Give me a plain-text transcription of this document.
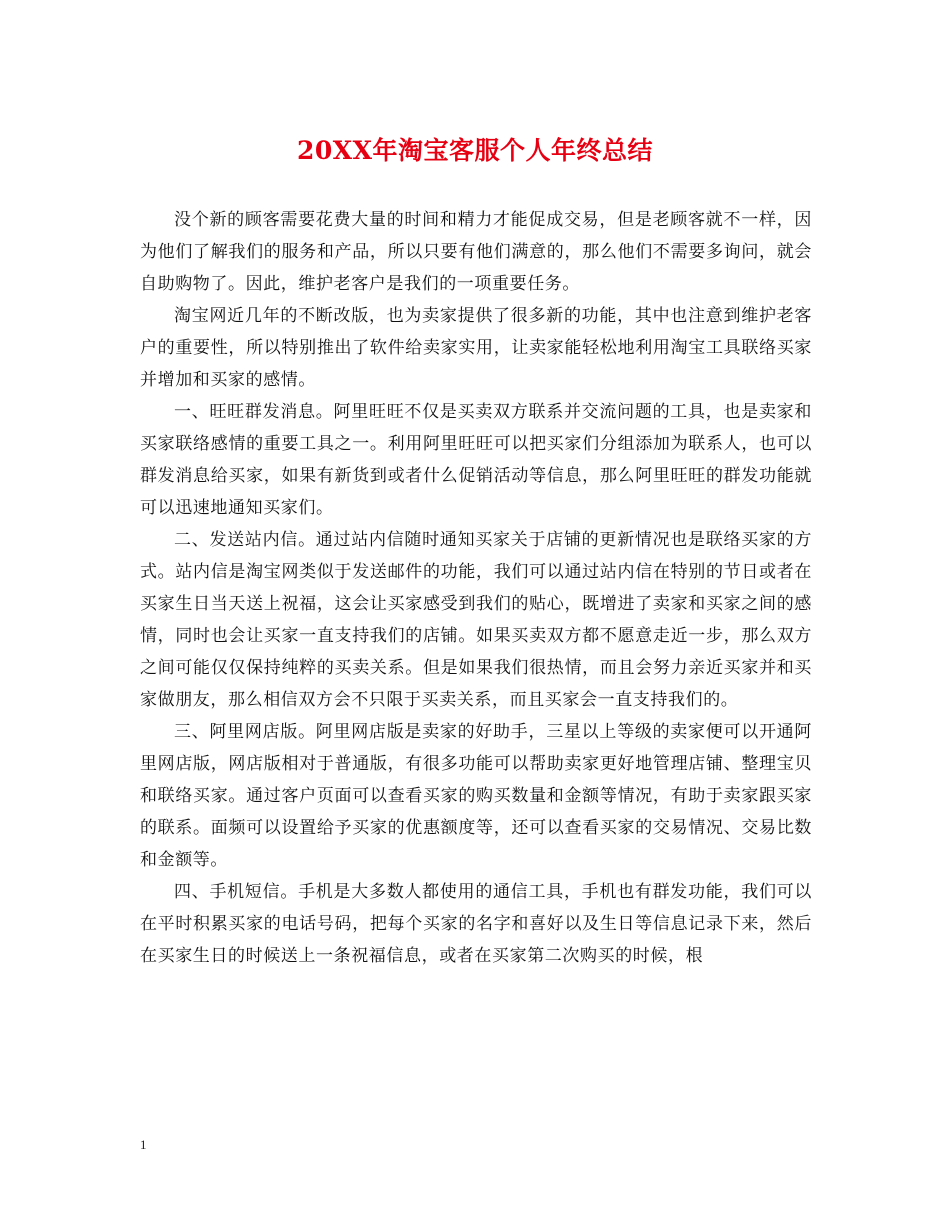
20XX年淘宝客服个人年终总结

没个新的顾客需要花费大量的时间和精力才能促成交易，但是老顾客就不一样，因为他们了解我们的服务和产品，所以只要有他们满意的，那么他们不需要多询问，就会自助购物了。因此，维护老客户是我们的一项重要任务。

淘宝网近几年的不断改版，也为卖家提供了很多新的功能，其中也注意到维护老客户的重要性，所以特别推出了软件给卖家实用，让卖家能轻松地利用淘宝工具联络买家并增加和买家的感情。

一、旺旺群发消息。阿里旺旺不仅是买卖双方联系并交流问题的工具，也是卖家和买家联络感情的重要工具之一。利用阿里旺旺可以把买家们分组添加为联系人，也可以群发消息给买家，如果有新货到或者什么促销活动等信息，那么阿里旺旺的群发功能就可以迅速地通知买家们。

二、发送站内信。通过站内信随时通知买家关于店铺的更新情况也是联络买家的方式。站内信是淘宝网类似于发送邮件的功能，我们可以通过站内信在特别的节日或者在买家生日当天送上祝福，这会让买家感受到我们的贴心，既增进了卖家和买家之间的感情，同时也会让买家一直支持我们的店铺。如果买卖双方都不愿意走近一步，那么双方之间可能仅仅保持纯粹的买卖关系。但是如果我们很热情，而且会努力亲近买家并和买家做朋友，那么相信双方会不只限于买卖关系，而且买家会一直支持我们的。

三、阿里网店版。阿里网店版是卖家的好助手，三星以上等级的卖家便可以开通阿里网店版，网店版相对于普通版，有很多功能可以帮助卖家更好地管理店铺、整理宝贝和联络买家。通过客户页面可以查看买家的购买数量和金额等情况，有助于卖家跟买家的联系。面频可以设置给予买家的优惠额度等，还可以查看买家的交易情况、交易比数和金额等。

四、手机短信。手机是大多数人都使用的通信工具，手机也有群发功能，我们可以在平时积累买家的电话号码，把每个买家的名字和喜好以及生日等信息记录下来，然后在买家生日的时候送上一条祝福信息，或者在买家第二次购买的时候，根

1
